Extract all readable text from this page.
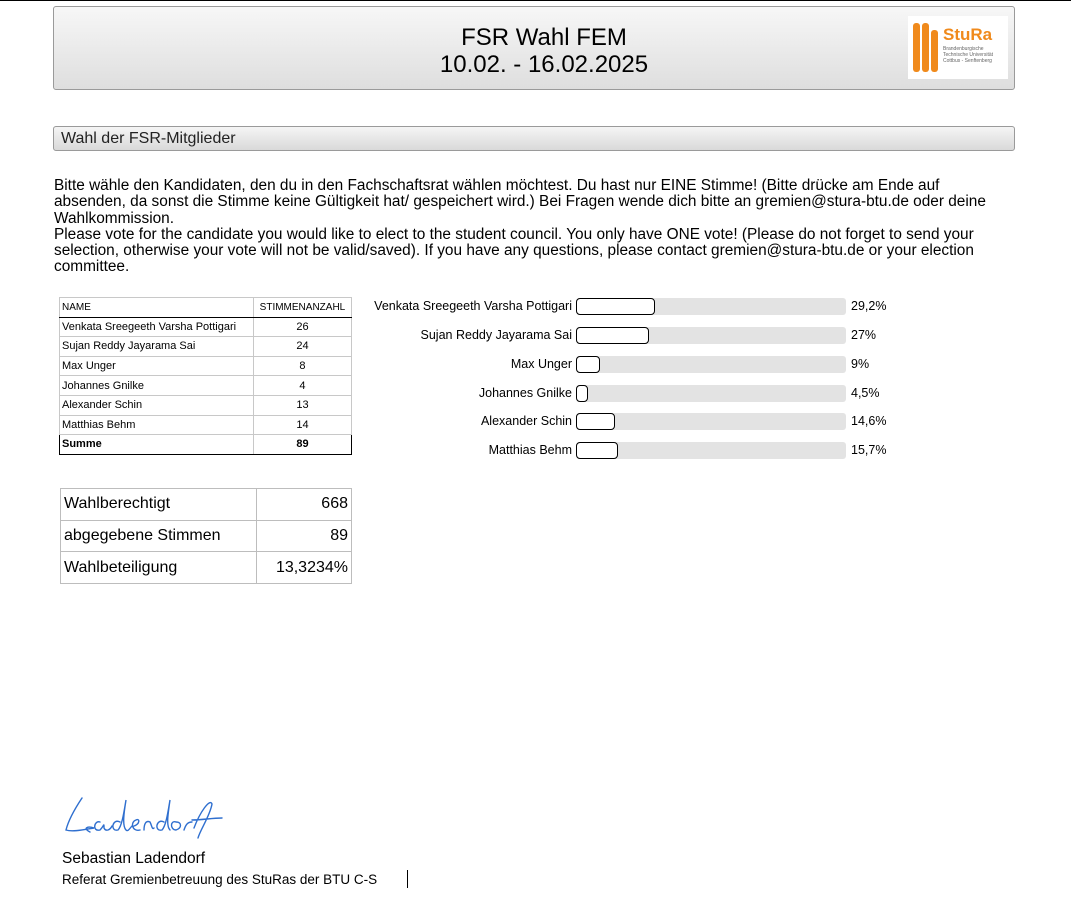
FSR Wahl FEM
10.02. - 16.02.2025
StuRa
Brandenburgische
Technische Universität
Cottbus - Senftenberg
Wahl der FSR-Mitglieder

Bitte wähle den Kandidaten, den du in den Fachschaftsrat wählen möchtest. Du hast nur EINE Stimme! (Bitte drücke am Ende auf absenden, da sonst die Stimme keine Gültigkeit hat/ gespeichert wird.) Bei Fragen wende dich bitte an gremien@stura-btu.de oder deine Wahlkommission.

Please vote for the candidate you would like to elect to the student council. You only have ONE vote! (Please do not forget to send your selection, otherwise your vote will not be valid/saved). If you have any questions, please contact gremien@stura-btu.de or your election committee.

NAME	STIMMENANZAHL
Venkata Sreegeeth Varsha Pottigari	26
Sujan Reddy Jayarama Sai	24
Max Unger	8
Johannes Gnilke	4
Alexander Schin	13
Matthias Behm	14
Summe	89
Wahlberechtigt	668
abgegebene Stimmen	89
Wahlbeteiligung	13,3234%
Venkata Sreegeeth Varsha Pottigari	29,2%
Sujan Reddy Jayarama Sai	27%
Max Unger	9%
Johannes Gnilke	4,5%
Alexander Schin	14,6%
Matthias Behm	15,7%
Sebastian Ladendorf
Referat Gremienbetreuung des StuRas der BTU C-S
